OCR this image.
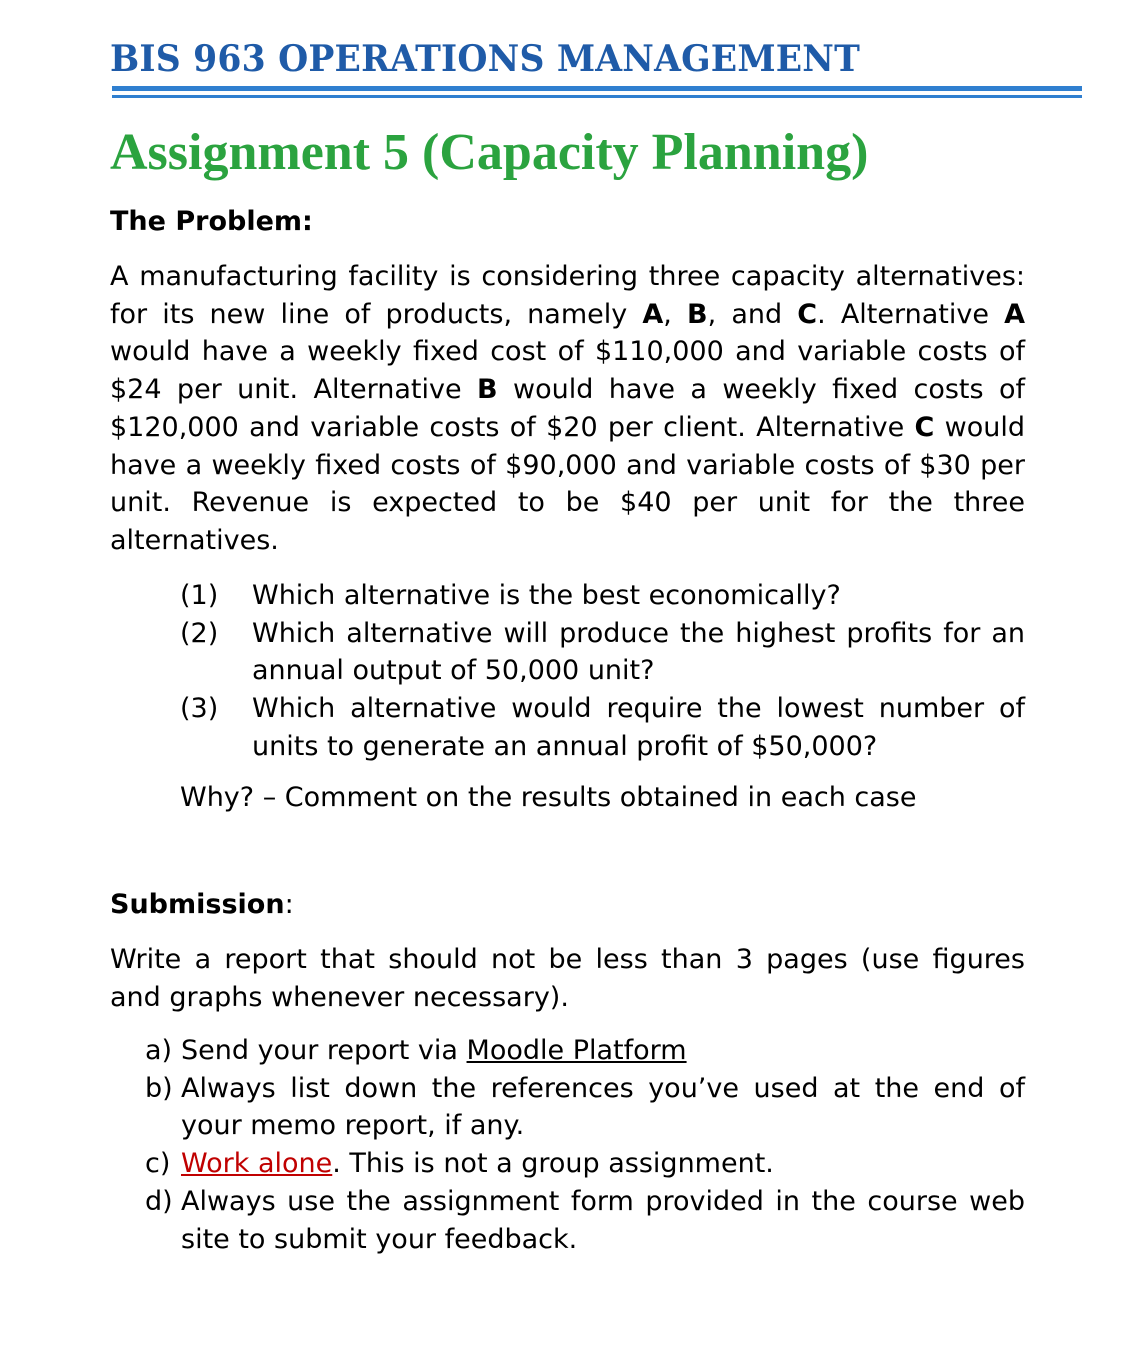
BIS 963 OPERATIONS MANAGEMENT
Assignment 5 (Capacity Planning)
The Problem:

A manufacturing facility is considering three capacity alternatives: for its new line of products, namely A, B, and C. Alternative A would have a weekly fixed cost of $110,000 and variable costs of $24 per unit. Alternative B would have a weekly fixed costs of $120,000 and variable costs of $20 per client. Alternative C would have a weekly fixed costs of $90,000 and variable costs of $30 per unit. Revenue is expected to be $40 per unit for the three alternatives.

(1) Which alternative is the best economically?
(2) Which alternative will produce the highest profits for an annual output of 50,000 unit?
(3) Which alternative would require the lowest number of units to generate an annual profit of $50,000?

Why? – Comment on the results obtained in each case

Submission:

Write a report that should not be less than 3 pages (use figures and graphs whenever necessary).

a) Send your report via Moodle Platform
b) Always list down the references you’ve used at the end of your memo report, if any.
c) Work alone. This is not a group assignment.
d) Always use the assignment form provided in the course web site to submit your feedback.
